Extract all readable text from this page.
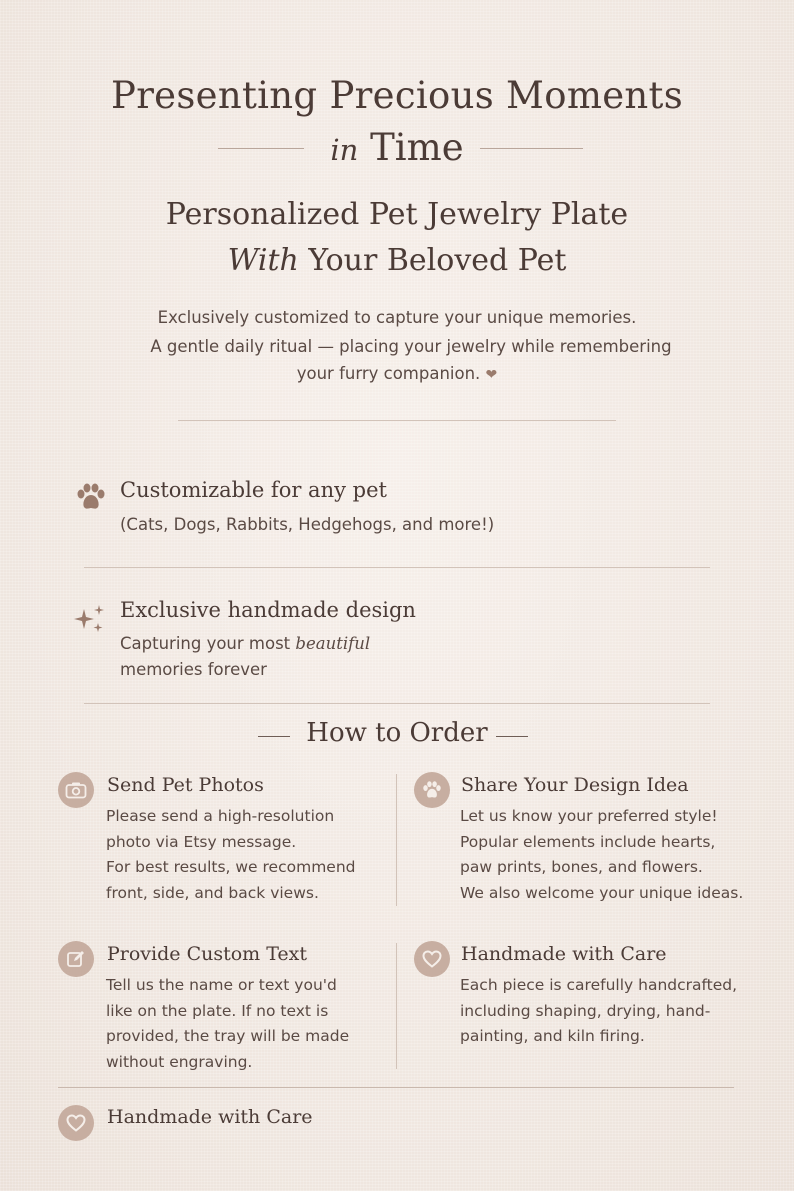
Presenting Precious Moments
in Time
Personalized Pet Jewelry Plate
With Your Beloved Pet
Exclusively customized to capture your unique memories.
A gentle daily ritual — placing your jewelry while remembering
your furry companion. ❤
Customizable for any pet
(Cats, Dogs, Rabbits, Hedgehogs, and more!)
Exclusive handmade design
Capturing your most beautiful
memories forever
How to Order
Send Pet Photos
Please send a high-resolution
photo via Etsy message.
For best results, we recommend
front, side, and back views.
Share Your Design Idea
Let us know your preferred style!
Popular elements include hearts,
paw prints, bones, and flowers.
We also welcome your unique ideas.
Provide Custom Text
Tell us the name or text you'd
like on the plate. If no text is
provided, the tray will be made
without engraving.
Handmade with Care
Each piece is carefully handcrafted,
including shaping, drying, hand-
painting, and kiln firing.
Handmade with Care
